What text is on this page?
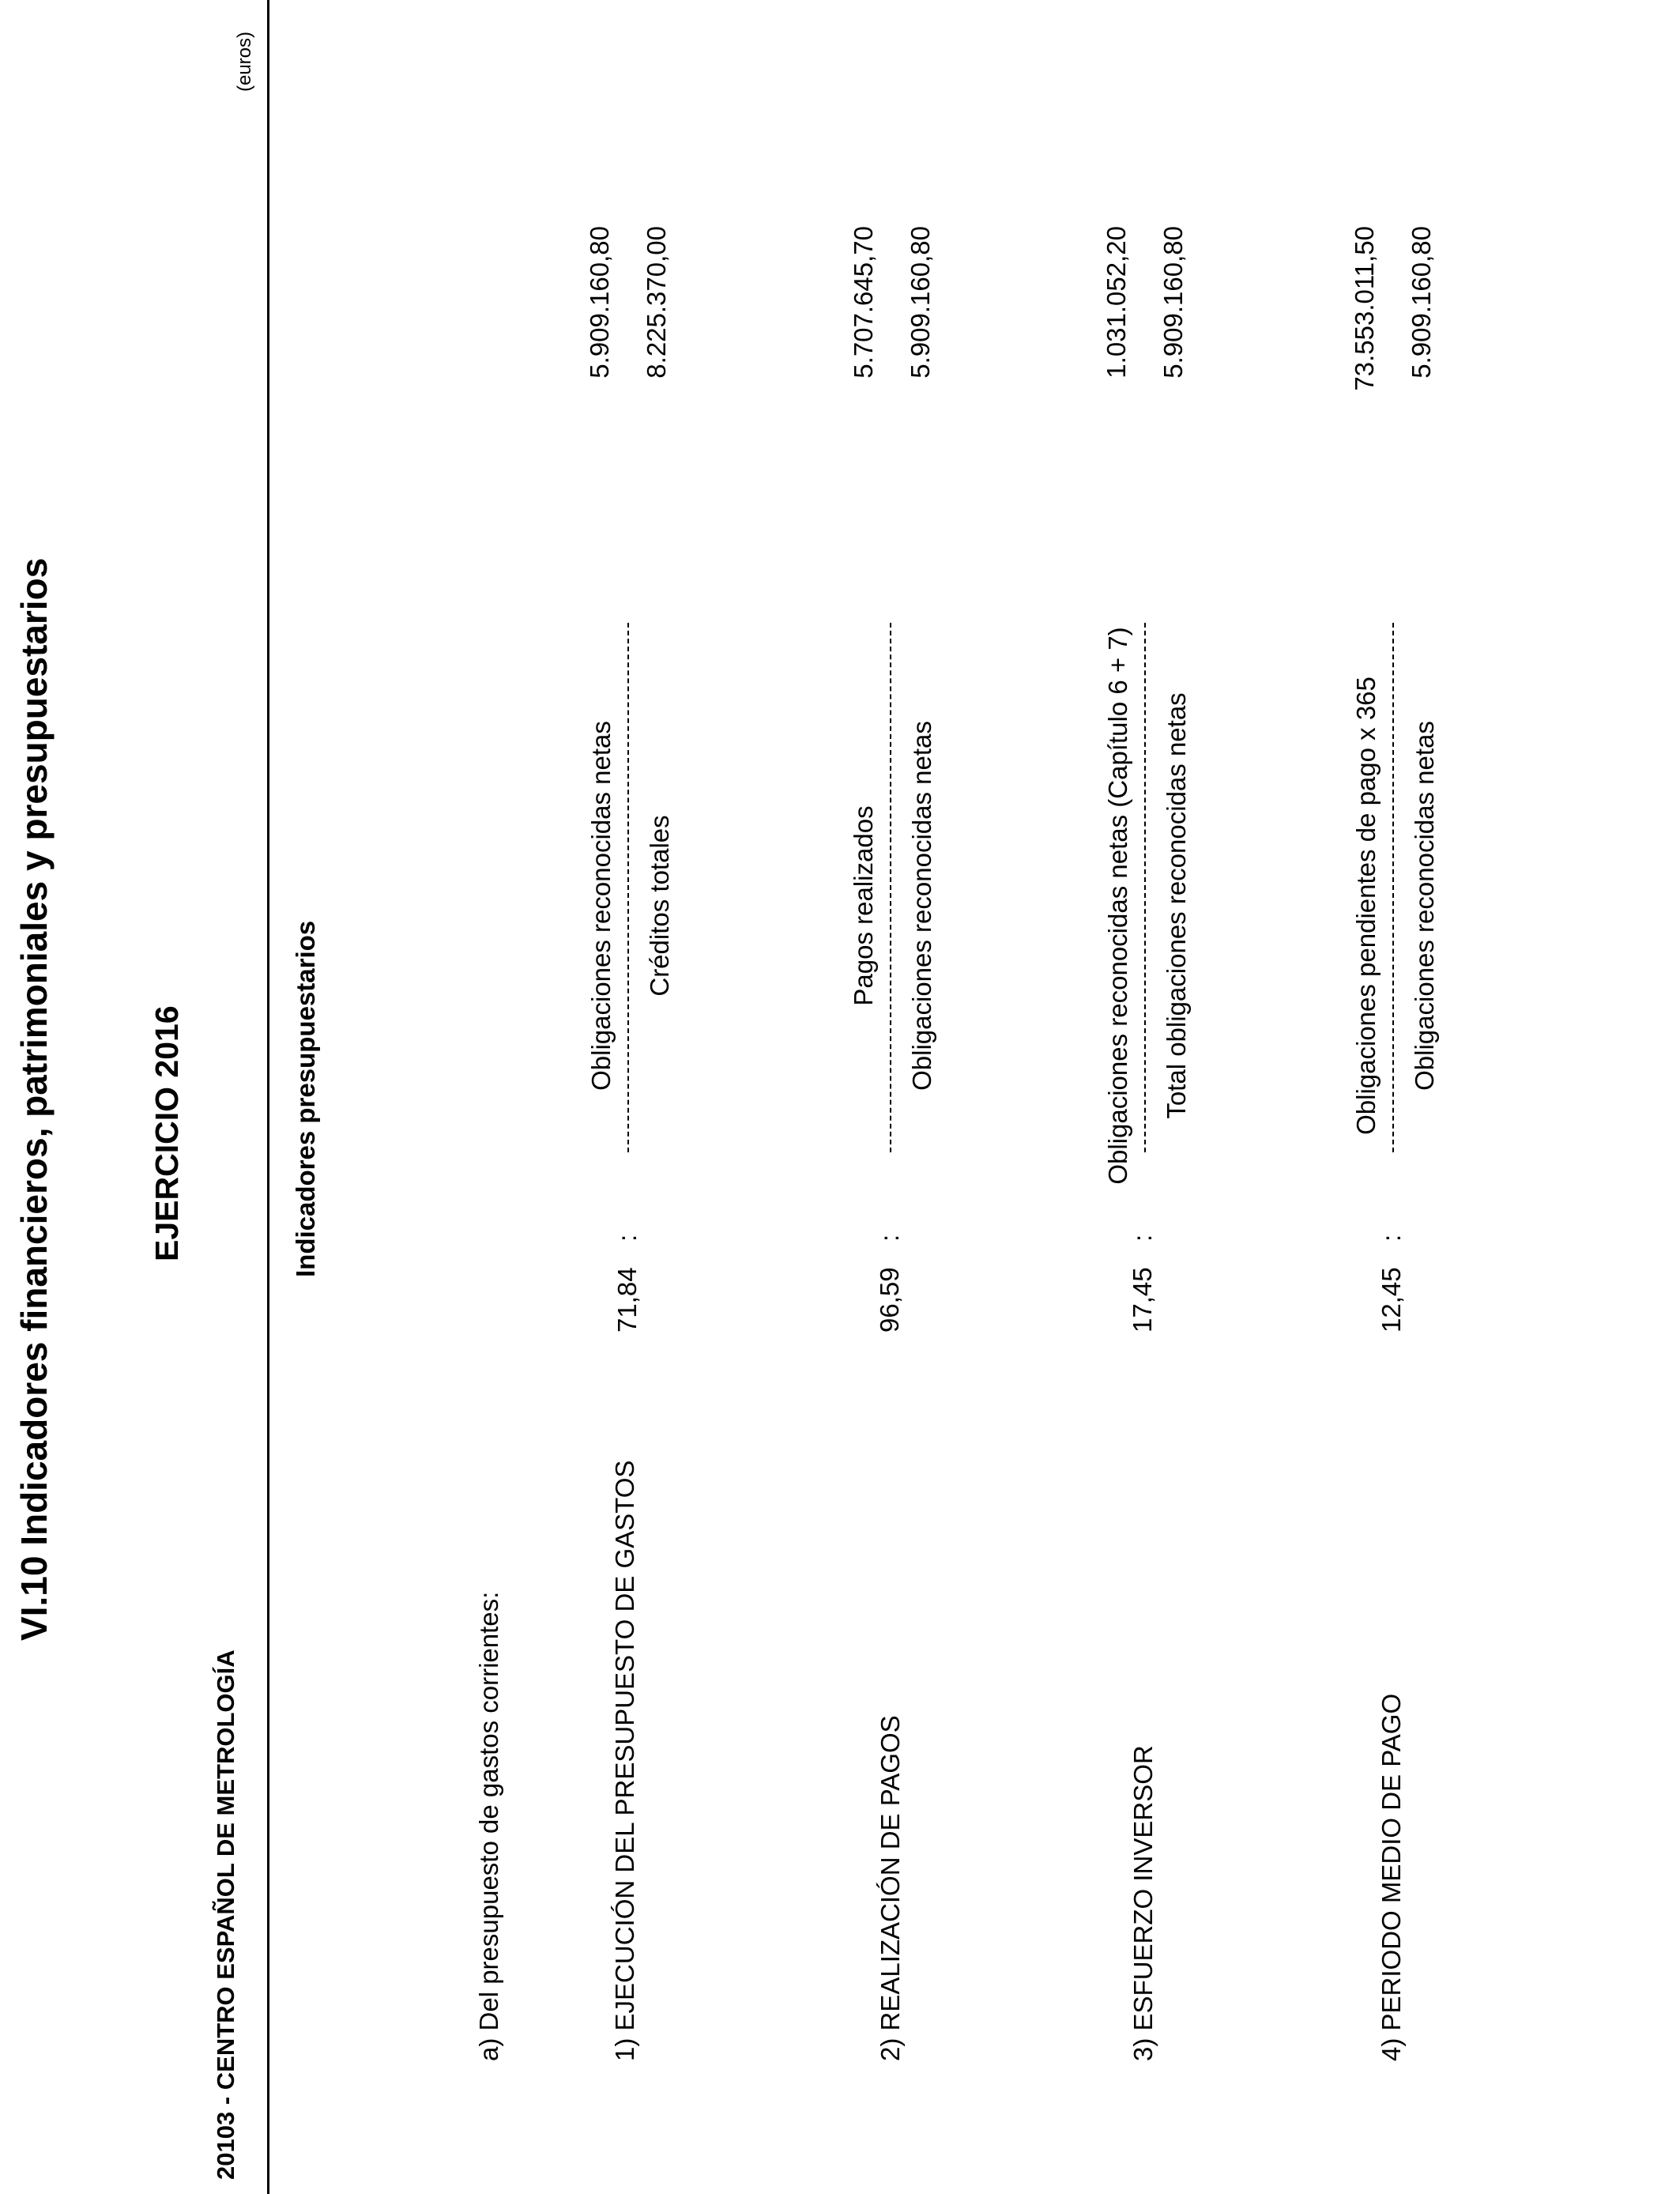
VI.10 Indicadores financieros, patrimoniales y presupuestarios	EJERCICIO 2016
20103 - CENTRO ESPAÑOL DE METROLOGÍA
(euros)
Indicadores presupuestarios
a) Del presupuesto de gastos corrientes:	1) EJECUCIÓN DEL PRESUPUESTO DE GASTOS
71,84
:
Obligaciones reconocidas netas Créditos totales
5.909.160,80 8.225.370,00
2) REALIZACIÓN DE PAGOS
96,59
:
Pagos realizados Obligaciones reconocidas netas
5.707.645,70 5.909.160,80
3) ESFUERZO INVERSOR
17,45
:
Obligaciones reconocidas netas (Capítulo 6 + 7) Total obligaciones reconocidas netas
1.031.052,20 5.909.160,80
4) PERIODO MEDIO DE PAGO
12,45
:
Obligaciones pendientes de pago x 365 Obligaciones reconocidas netas
73.553.011,50 5.909.160,80
